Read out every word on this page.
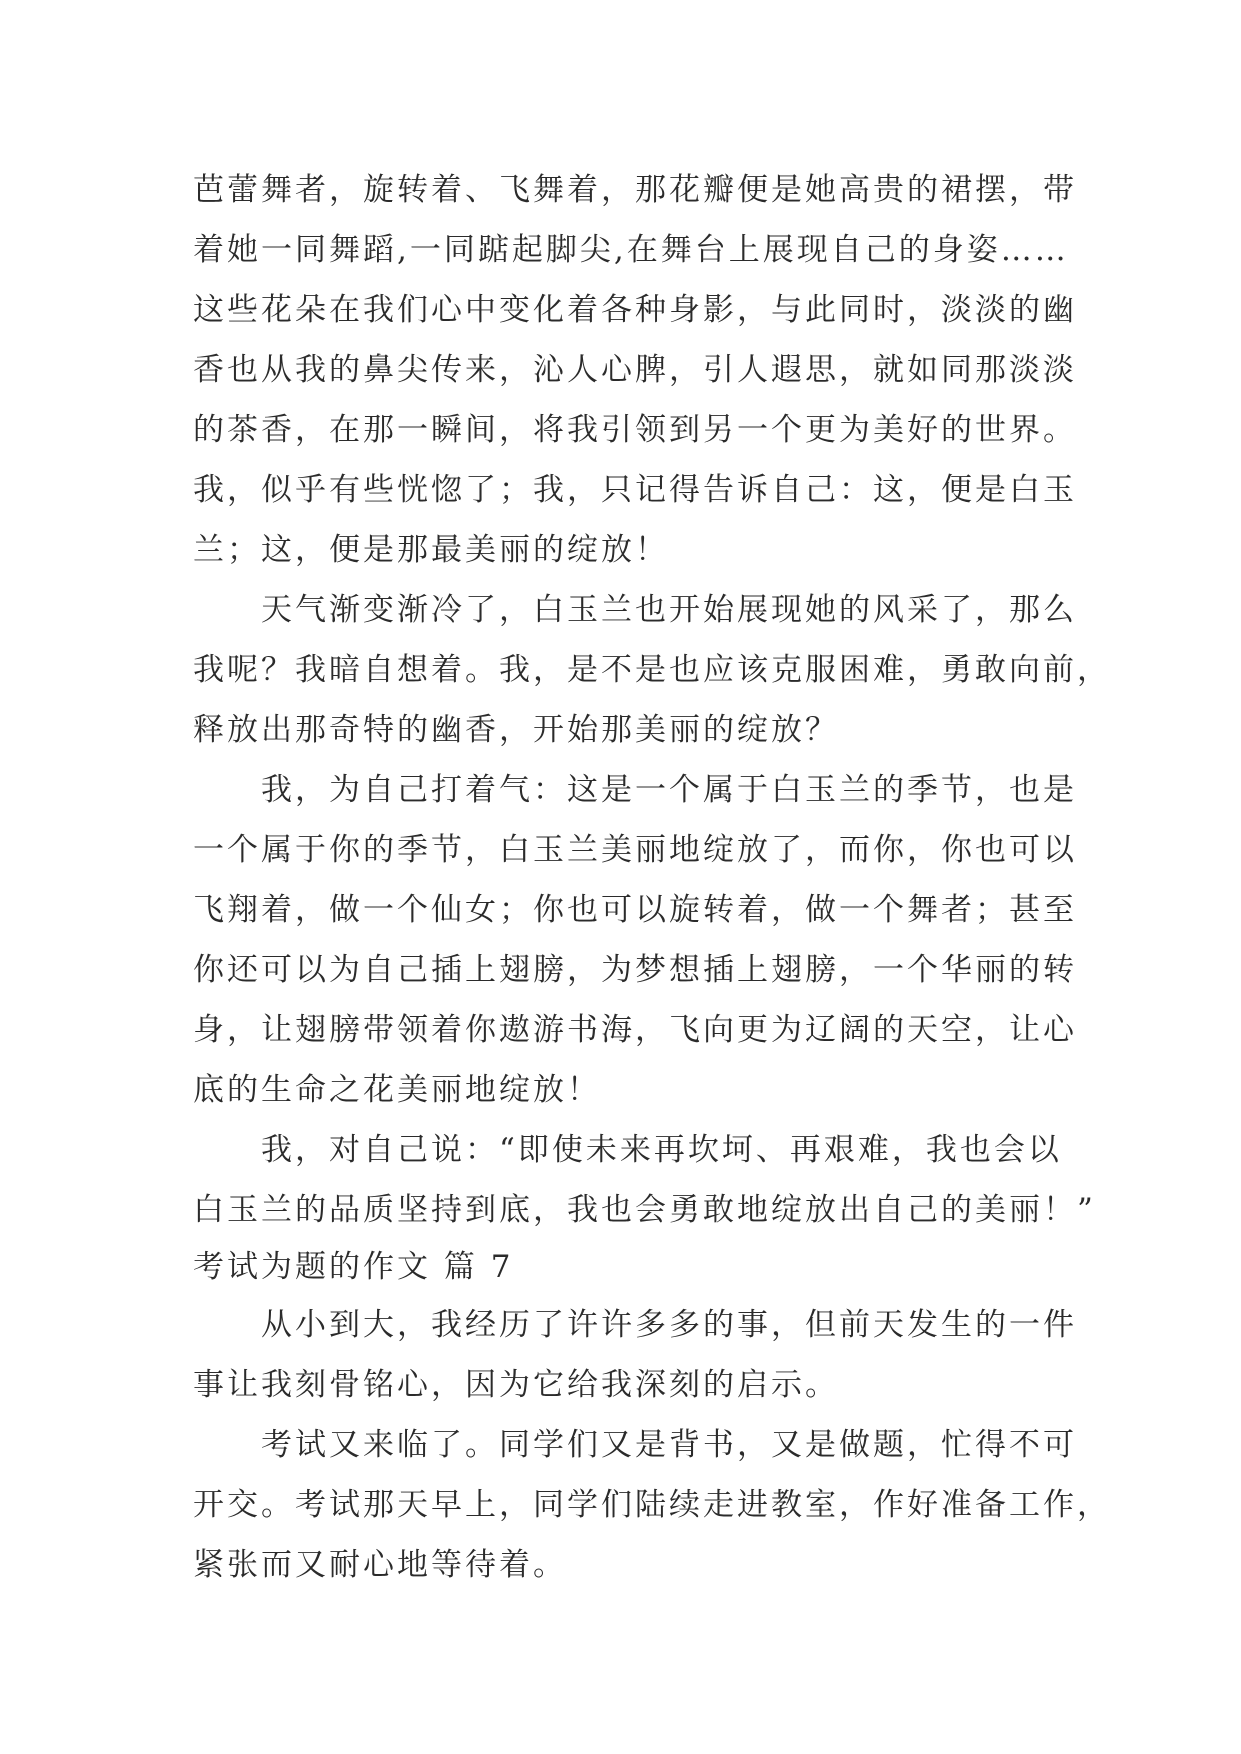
芭蕾舞者，旋转着、飞舞着，那花瓣便是她高贵的裙摆，带
着她一同舞蹈,一同踮起脚尖,在舞台上展现自己的身姿……
这些花朵在我们心中变化着各种身影，与此同时，淡淡的幽
香也从我的鼻尖传来，沁人心脾，引人遐思，就如同那淡淡
的茶香，在那一瞬间，将我引领到另一个更为美好的世界。
我，似乎有些恍惚了；我，只记得告诉自己：这，便是白玉
兰；这，便是那最美丽的绽放！
　　天气渐变渐冷了，白玉兰也开始展现她的风采了，那么
我呢？我暗自想着。我，是不是也应该克服困难，勇敢向前，
释放出那奇特的幽香，开始那美丽的绽放？
　　我，为自己打着气：这是一个属于白玉兰的季节，也是
一个属于你的季节，白玉兰美丽地绽放了，而你，你也可以
飞翔着，做一个仙女；你也可以旋转着，做一个舞者；甚至
你还可以为自己插上翅膀，为梦想插上翅膀，一个华丽的转
身，让翅膀带领着你遨游书海，飞向更为辽阔的天空，让心
底的生命之花美丽地绽放！
　　我，对自己说：“即使未来再坎坷、再艰难，我也会以
白玉兰的品质坚持到底，我也会勇敢地绽放出自己的美丽！”
考试为题的作文 篇 7
　　从小到大，我经历了许许多多的事，但前天发生的一件
事让我刻骨铭心，因为它给我深刻的启示。
　　考试又来临了。同学们又是背书，又是做题，忙得不可
开交。考试那天早上，同学们陆续走进教室，作好准备工作，
紧张而又耐心地等待着。
